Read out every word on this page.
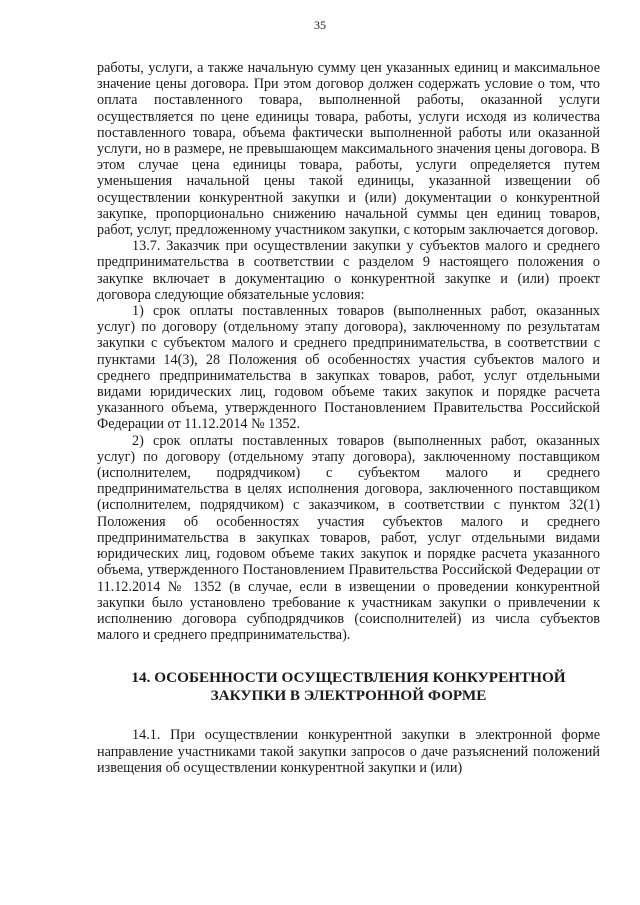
35

работы, услуги, а также начальную сумму цен указанных единиц и максимальное значение цены договора. При этом договор должен содержать условие о том, что оплата поставленного товара, выполненной работы, оказанной услуги осуществляется по цене единицы товара, работы, услуги исходя из количества поставленного товара, объема фактически выполненной работы или оказанной услуги, но в размере, не превышающем максимального значения цены договора. В этом случае цена единицы товара, работы, услуги определяется путем уменьшения начальной цены такой единицы, указанной извещении об осуществлении конкурентной закупки и (или) документации о конкурентной закупке, пропорционально снижению начальной суммы цен единиц товаров, работ, услуг, предложенному участником закупки, с которым заключается договор.

13.7. Заказчик при осуществлении закупки у субъектов малого и среднего предпринимательства в соответствии с разделом 9 настоящего положения о закупке включает в документацию о конкурентной закупке и (или) проект договора следующие обязательные условия:

1) срок оплаты поставленных товаров (выполненных работ, оказанных услуг) по договору (отдельному этапу договора), заключенному по результатам закупки с субъектом малого и среднего предпринимательства, в соответствии с пунктами 14(3), 28 Положения об особенностях участия субъектов малого и среднего предпринимательства в закупках товаров, работ, услуг отдельными видами юридических лиц, годовом объеме таких закупок и порядке расчета указанного объема, утвержденного Постановлением Правительства Российской Федерации от 11.12.2014 № 1352.

2) срок оплаты поставленных товаров (выполненных работ, оказанных услуг) по договору (отдельному этапу договора), заключенному поставщиком (исполнителем, подрядчиком) с субъектом малого и среднего предпринимательства в целях исполнения договора, заключенного поставщиком (исполнителем, подрядчиком) с заказчиком, в соответствии с пунктом 32(1) Положения об особенностях участия субъектов малого и среднего предпринимательства в закупках товаров, работ, услуг отдельными видами юридических лиц, годовом объеме таких закупок и порядке расчета указанного объема, утвержденного Постановлением Правительства Российской Федерации от 11.12.2014 № 1352 (в случае, если в извещении о проведении конкурентной закупки было установлено требование к участникам закупки о привлечении к исполнению договора субподрядчиков (соисполнителей) из числа субъектов малого и среднего предпринимательства).

14. ОСОБЕННОСТИ ОСУЩЕСТВЛЕНИЯ КОНКУРЕНТНОЙ ЗАКУПКИ В ЭЛЕКТРОННОЙ ФОРМЕ

14.1. При осуществлении конкурентной закупки в электронной форме направление участниками такой закупки запросов о даче разъяснений положений извещения об осуществлении конкурентной закупки и (или)
